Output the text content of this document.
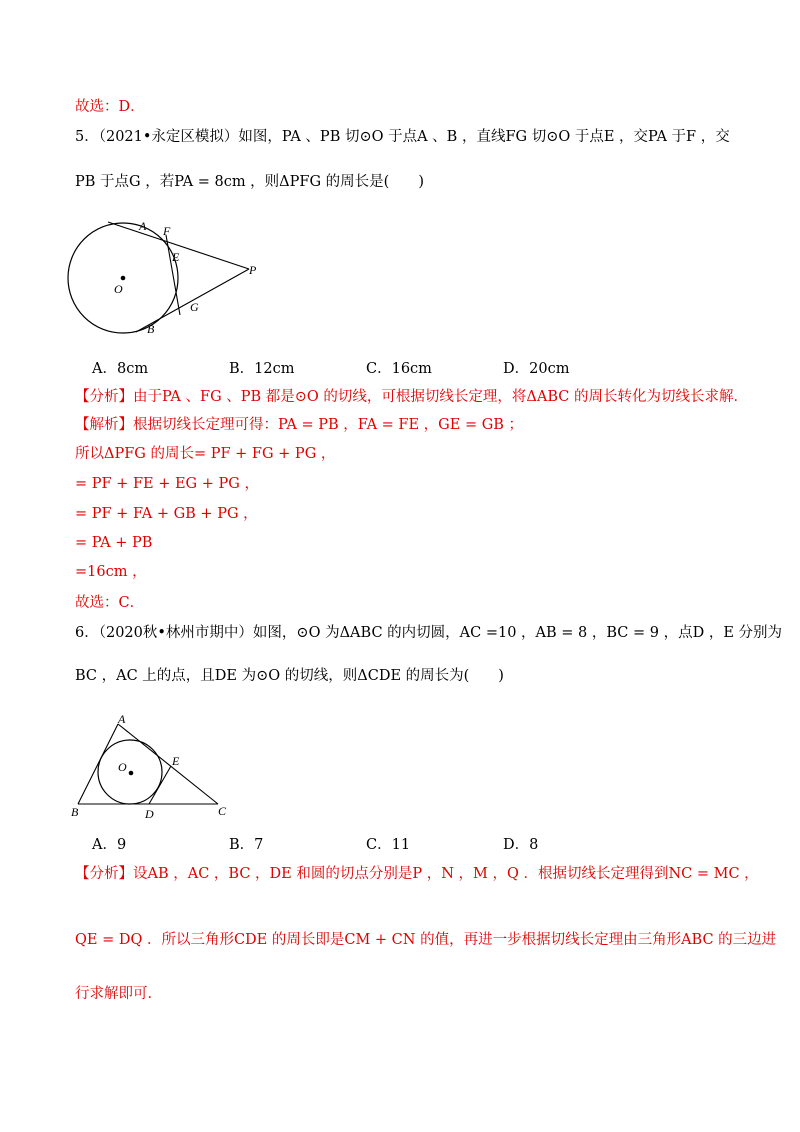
故选：D．
5．（2021•永定区模拟）如图，PA 、PB 切⊙O 于点A 、B ，直线FG 切⊙O 于点E ，交PA 于F ，交
PB 于点G ，若PA = 8cm ，则ΔPFG 的周长是(　　)
A F
E
P
O
G
B
A．8cm	B．12cm	C．16cm	D．20cm
【分析】由于PA 、FG 、PB 都是⊙O 的切线，可根据切线长定理，将ΔABC 的周长转化为切线长求解．
【解析】根据切线长定理可得：PA = PB ，FA = FE ，GE = GB ；
所以ΔPFG 的周长= PF + FG + PG ，
= PF + FE + EG + PG ，
= PF + FA + GB + PG ，
= PA + PB
=16cm ，
故选：C．
6．（2020秋•林州市期中）如图，⊙O 为ΔABC 的内切圆，AC =10 ，AB = 8 ，BC = 9 ，点D ，E 分别为
BC ，AC 上的点，且DE 为⊙O 的切线，则ΔCDE 的周长为(　　)
A
O	E
B	D	C
A．9	B．7	C．11	D．8
【分析】设AB ，AC ，BC ，DE 和圆的切点分别是P ，N ，M ，Q ．根据切线长定理得到NC = MC ，
QE = DQ ．所以三角形CDE 的周长即是CM + CN 的值，再进一步根据切线长定理由三角形ABC 的三边进
行求解即可．
